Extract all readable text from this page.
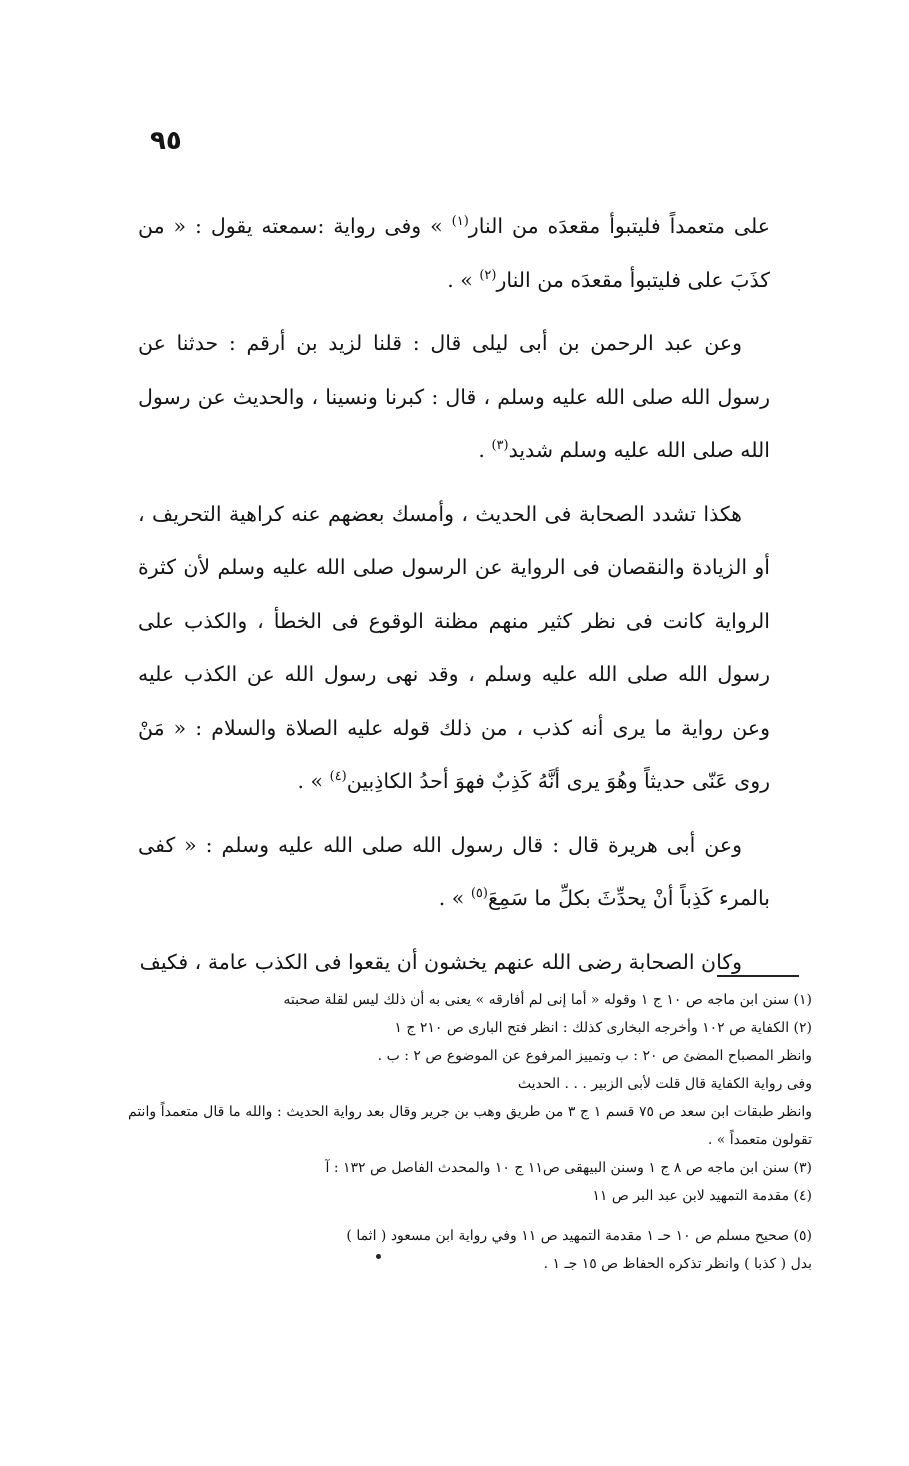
٩٥

على متعمداً فليتبوأ مقعدَه من النار$^{(١)}$ » وفى رواية :سمعته يقول : « من كذَبَ على فليتبوأ مقعدَه من النار$^{(٢)}$ » .

وعن عبد الرحمن بن أبى ليلى قال : قلنا لزيد بن أرقم : حدثنا عن رسول الله صلى الله عليه وسلم ، قال : كبرنا ونسينا ، والحديث عن رسول الله صلى الله عليه وسلم شديد$^{(٣)}$ .

هكذا تشدد الصحابة فى الحديث ، وأمسك بعضهم عنه كراهية التحريف ، أو الزيادة والنقصان فى الرواية عن الرسول صلى الله عليه وسلم لأن كثرة الرواية كانت فى نظر كثير منهم مظنة الوقوع فى الخطأ ، والكذب على رسول الله صلى الله عليه وسلم ، وقد نهى رسول الله عن الكذب عليه وعن رواية ما يرى أنه كذب ، من ذلك قوله عليه الصلاة والسلام : « مَنْ روى عَنّى حديثاً وهُوَ يرى أنَّهُ كَذِبٌ فهوَ أحدُ الكاذِبين$^{(٤)}$ » .

وعن أبى هريرة قال : قال رسول الله صلى الله عليه وسلم : « كفى بالمرء كَذِباً أنْ يحدِّثَ بكلِّ ما سَمِعَ$^{(٥)}$ » .

وكان الصحابة رضى الله عنهم يخشون أن يقعوا فى الكذب عامة ، فكيف

(١) سنن ابن ماجه ص ١٠ ج ١ وقوله « أما إنى لم أفارقه » يعنى به أن ذلك ليس لقلة صحبته

(٢) الكفاية ص ١٠٢ وأخرجه البخارى كذلك : انظر فتح البارى ص ٢١٠ ج ١

وانظر المصباح المضئ ص ٢٠ : ب وتمييز المرفوع عن الموضوع ص ٢ : ب .

وفى رواية الكفاية قال قلت لأبى الزبير . . . الحديث

وانظر طبقات ابن سعد ص ٧٥ قسم ١ ج ٣ من طريق وهب بن جرير وقال بعد رواية الحديث : والله ما قال متعمداً وانتم تقولون متعمداً » .

(٣) سنن ابن ماجه ص ٨ ج ١ وسنن البيهقى ص١١ ج ١٠ والمحدث الفاصل ص ١٣٢ : آ

(٤) مقدمة التمهيد لابن عبد البر ص ١١

(٥) صحيح مسلم ص ١٠ حـ ١ مقدمة التمهيد ص ١١ وفي رواية ابن مسعود ( اثما )

بدل ( كذبا ) وانظر تذكره الحفاظ ص ١٥ جـ ١ .
